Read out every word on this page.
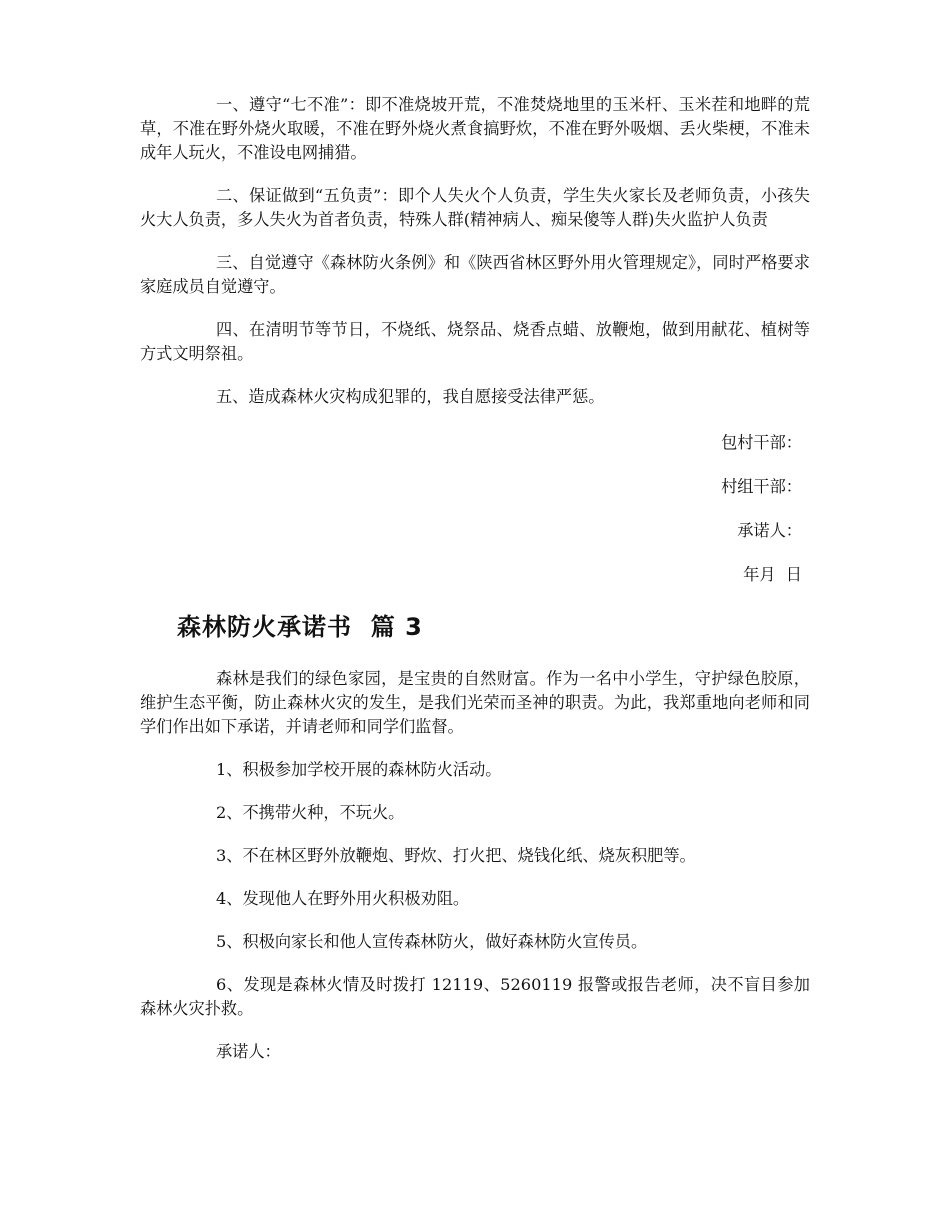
一、遵守“七不准”：即不准烧坡开荒，不准焚烧地里的玉米杆、玉米茬和地畔的荒草，不准在野外烧火取暖，不准在野外烧火煮食搞野炊，不准在野外吸烟、丢火柴梗，不准未成年人玩火，不准设电网捕猎。

二、保证做到“五负责”：即个人失火个人负责，学生失火家长及老师负责，小孩失火大人负责，多人失火为首者负责，特殊人群(精神病人、痴呆傻等人群)失火监护人负责

三、自觉遵守《森林防火条例》和《陕西省林区野外用火管理规定》，同时严格要求家庭成员自觉遵守。

四、在清明节等节日，不烧纸、烧祭品、烧香点蜡、放鞭炮，做到用献花、植树等方式文明祭祖。

五、造成森林火灾构成犯罪的，我自愿接受法律严惩。

包村干部：

村组干部：

承诺人：

年月  日

森林防火承诺书  篇 3

森林是我们的绿色家园，是宝贵的自然财富。作为一名中小学生，守护绿色胶原，维护生态平衡，防止森林火灾的发生，是我们光荣而圣神的职责。为此，我郑重地向老师和同学们作出如下承诺，并请老师和同学们监督。

1、积极参加学校开展的森林防火活动。

2、不携带火种，不玩火。

3、不在林区野外放鞭炮、野炊、打火把、烧钱化纸、烧灰积肥等。

4、发现他人在野外用火积极劝阻。

5、积极向家长和他人宣传森林防火，做好森林防火宣传员。

6、发现是森林火情及时拨打 12119、5260119 报警或报告老师，决不盲目参加森林火灾扑救。

承诺人：
